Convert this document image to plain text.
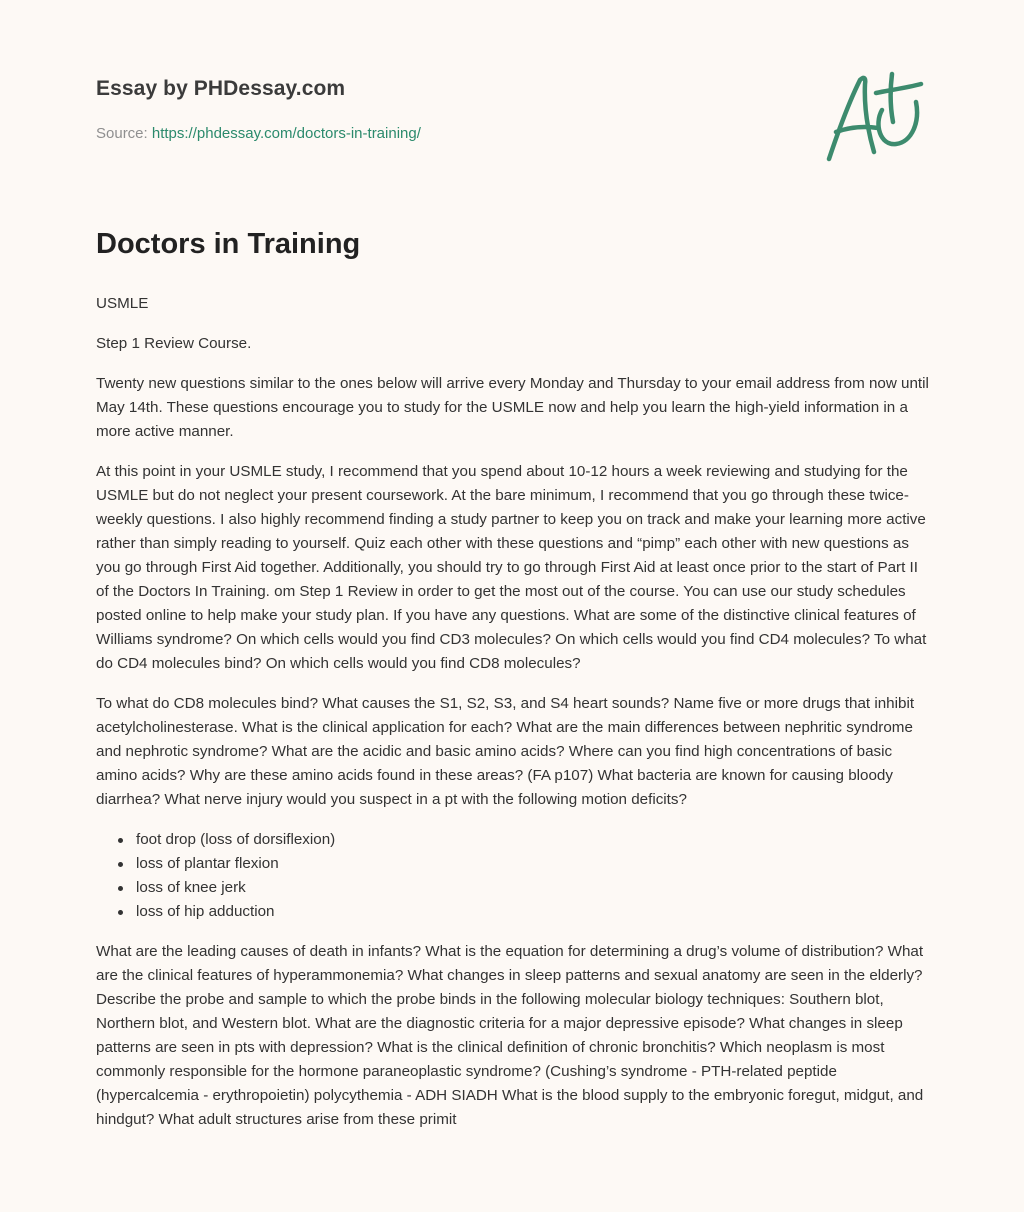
Essay by PHDessay.com
Source: https://phdessay.com/doctors-in-training/
Doctors in Training

USMLE

Step 1 Review Course.

Twenty new questions similar to the ones below will arrive every Monday and Thursday to your email address from now until May 14th. These questions encourage you to study for the USMLE now and help you learn the high-yield information in a more active manner.

At this point in your USMLE study, I recommend that you spend about 10-12 hours a week reviewing and studying for the USMLE but do not neglect your present coursework. At the bare minimum, I recommend that you go through these twice-weekly questions. I also highly recommend finding a study partner to keep you on track and make your learning more active rather than simply reading to yourself. Quiz each other with these questions and “pimp” each other with new questions as you go through First Aid together. Additionally, you should try to go through First Aid at least once prior to the start of Part II of the Doctors In Training. om Step 1 Review in order to get the most out of the course. You can use our study schedules posted online to help make your study plan. If you have any questions. What are some of the distinctive clinical features of Williams syndrome? On which cells would you find CD3 molecules? On which cells would you find CD4 molecules? To what do CD4 molecules bind? On which cells would you find CD8 molecules?

To what do CD8 molecules bind? What causes the S1, S2, S3, and S4 heart sounds? Name five or more drugs that inhibit acetylcholinesterase. What is the clinical application for each? What are the main differences between nephritic syndrome and nephrotic syndrome? What are the acidic and basic amino acids? Where can you find high concentrations of basic amino acids? Why are these amino acids found in these areas? (FA p107) What bacteria are known for causing bloody diarrhea? What nerve injury would you suspect in a pt with the following motion deficits?

foot drop (loss of dorsiflexion)
loss of plantar flexion
loss of knee jerk
loss of hip adduction

What are the leading causes of death in infants? What is the equation for determining a drug’s volume of distribution? What are the clinical features of hyperammonemia? What changes in sleep patterns and sexual anatomy are seen in the elderly? Describe the probe and sample to which the probe binds in the following molecular biology techniques: Southern blot, Northern blot, and Western blot. What are the diagnostic criteria for a major depressive episode? What changes in sleep patterns are seen in pts with depression? What is the clinical definition of chronic bronchitis? Which neoplasm is most commonly responsible for the hormone paraneoplastic syndrome? (Cushing’s syndrome - PTH-related peptide (hypercalcemia - erythropoietin) polycythemia - ADH SIADH What is the blood supply to the embryonic foregut, midgut, and hindgut? What adult structures arise from these primit
